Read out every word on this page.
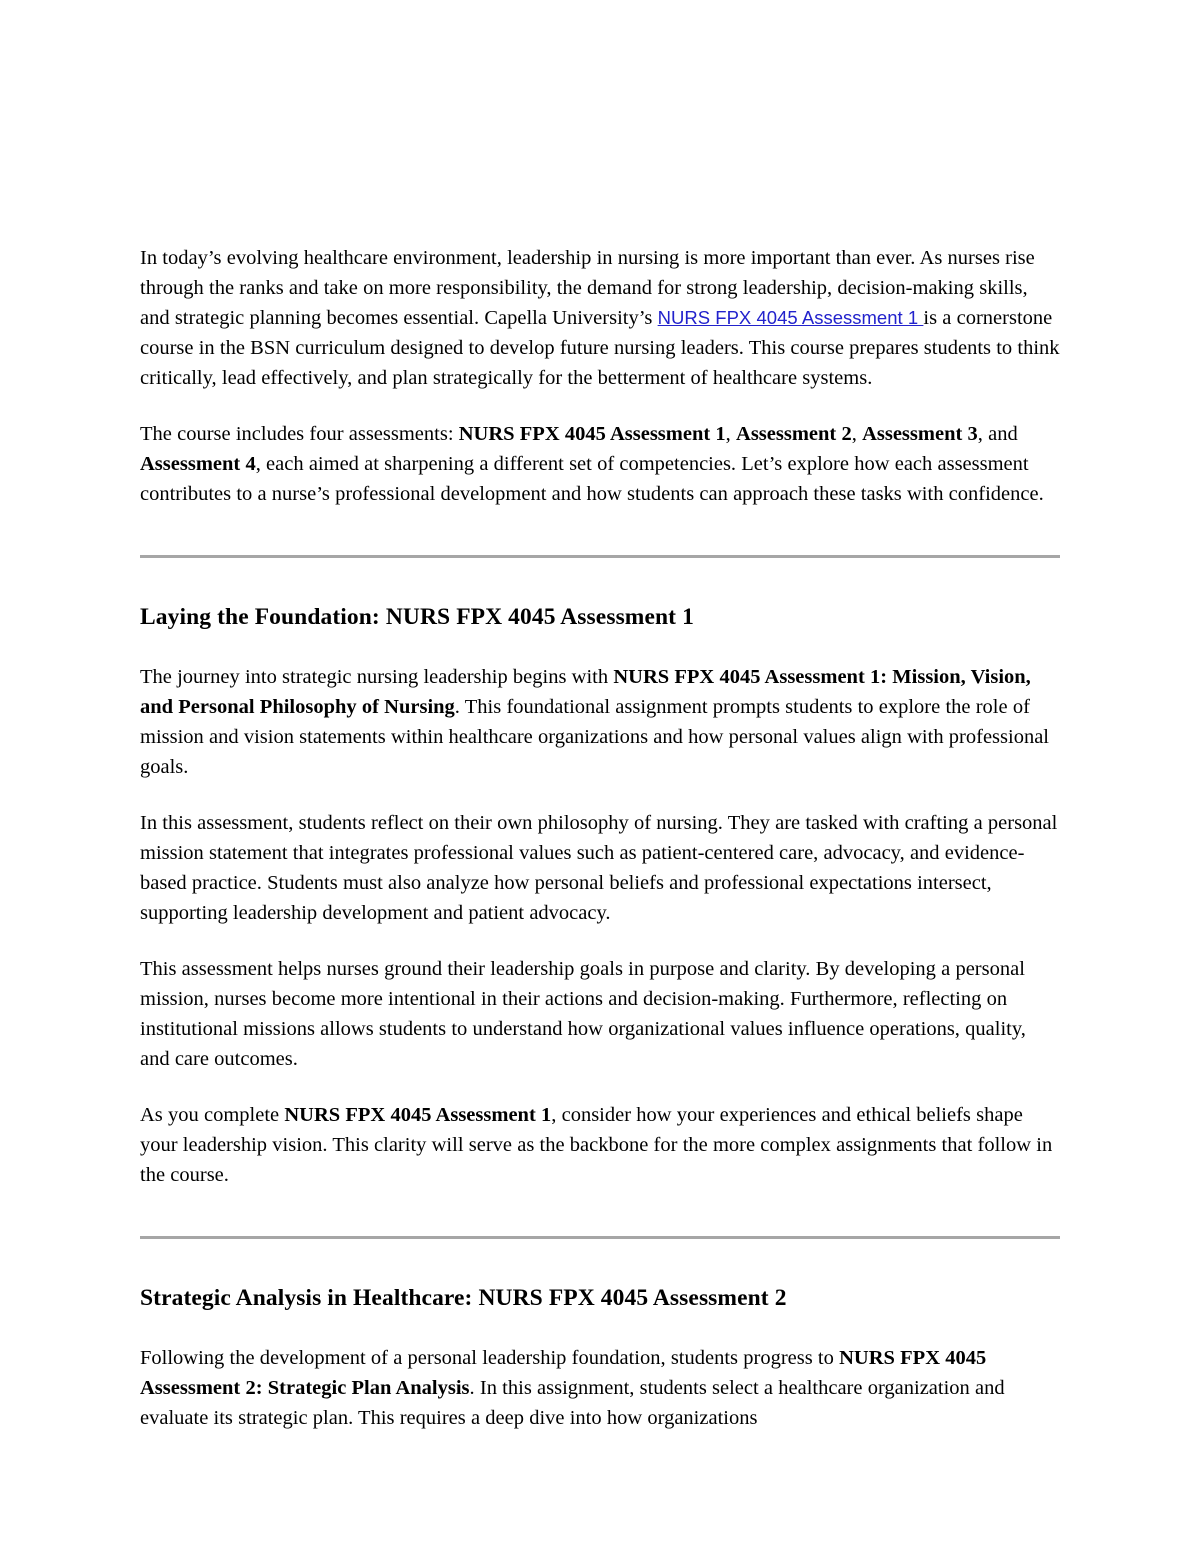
In today’s evolving healthcare environment, leadership in nursing is more important than ever. As nurses rise through the ranks and take on more responsibility, the demand for strong leadership, decision-making skills, and strategic planning becomes essential. Capella University’s NURS FPX 4045 Assessment 1 is a cornerstone course in the BSN curriculum designed to develop future nursing leaders. This course prepares students to think critically, lead effectively, and plan strategically for the betterment of healthcare systems.

The course includes four assessments: NURS FPX 4045 Assessment 1, Assessment 2, Assessment 3, and Assessment 4, each aimed at sharpening a different set of competencies. Let’s explore how each assessment contributes to a nurse’s professional development and how students can approach these tasks with confidence.

Laying the Foundation: NURS FPX 4045 Assessment 1

The journey into strategic nursing leadership begins with NURS FPX 4045 Assessment 1: Mission, Vision, and Personal Philosophy of Nursing. This foundational assignment prompts students to explore the role of mission and vision statements within healthcare organizations and how personal values align with professional goals.

In this assessment, students reflect on their own philosophy of nursing. They are tasked with crafting a personal mission statement that integrates professional values such as patient-centered care, advocacy, and evidence-based practice. Students must also analyze how personal beliefs and professional expectations intersect, supporting leadership development and patient advocacy.

This assessment helps nurses ground their leadership goals in purpose and clarity. By developing a personal mission, nurses become more intentional in their actions and decision-making. Furthermore, reflecting on institutional missions allows students to understand how organizational values influence operations, quality, and care outcomes.

As you complete NURS FPX 4045 Assessment 1, consider how your experiences and ethical beliefs shape your leadership vision. This clarity will serve as the backbone for the more complex assignments that follow in the course.

Strategic Analysis in Healthcare: NURS FPX 4045 Assessment 2

Following the development of a personal leadership foundation, students progress to NURS FPX 4045 Assessment 2: Strategic Plan Analysis. In this assignment, students select a healthcare organization and evaluate its strategic plan. This requires a deep dive into how organizations
